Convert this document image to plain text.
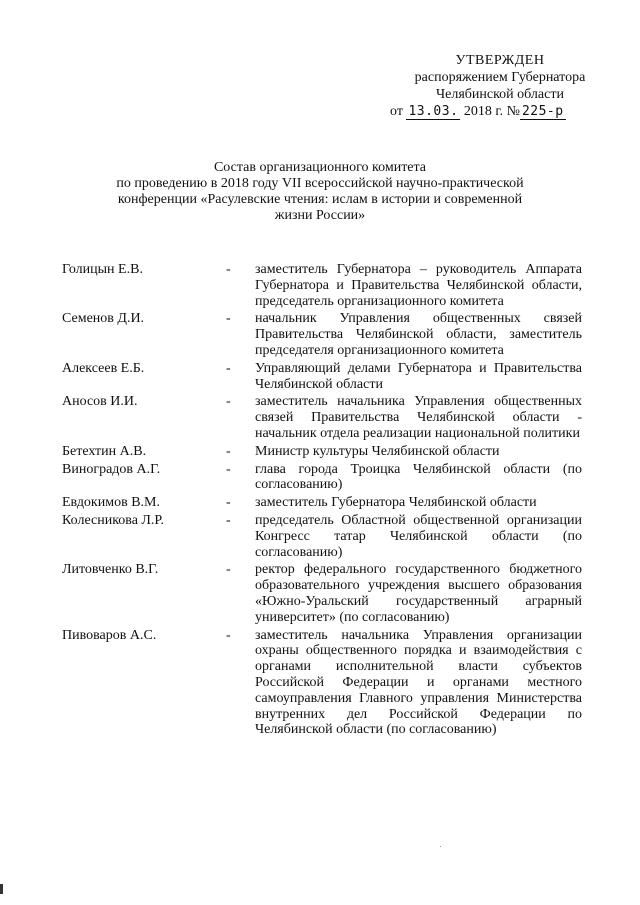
УТВЕРЖДЕН
распоряжением Губернатора
Челябинской области
от 13.03. 2018 г. № 225-р
Состав организационного комитета
по проведению в 2018 году VII всероссийской научно-практической
конференции «Расулевские чтения: ислам в истории и современной
жизни России»
Голицын Е.В.	-	заместитель Губернатора – руководитель Аппарата Губернатора и Правительства Челябинской области, председатель организационного комитета
Семенов Д.И.	-	начальник Управления общественных связей Правительства Челябинской области, заместитель председателя организационного комитета
Алексеев Е.Б.	-	Управляющий делами Губернатора и Правительства Челябинской области
Аносов И.И.	-	заместитель начальника Управления общественных связей Правительства Челябинской области - начальник отдела реализации национальной политики
Бетехтин А.В.	-	Министр культуры Челябинской области
Виноградов А.Г.	-	глава города Троицка Челябинской области (по согласованию)
Евдокимов В.М.	-	заместитель Губернатора Челябинской области
Колесникова Л.Р.	-	председатель Областной общественной организации Конгресс татар Челябинской области (по согласованию)
Литовченко В.Г.	-	ректор федерального государственного бюджетного образовательного учреждения высшего образования «Южно-Уральский государственный аграрный университет» (по согласованию)
Пивоваров А.С.	-	заместитель начальника Управления организации охраны общественного порядка и взаимодействия с органами исполнительной власти субъектов Российской Федерации и органами местного самоуправления Главного управления Министерства внутренних дел Российской Федерации по Челябинской области (по согласованию)
